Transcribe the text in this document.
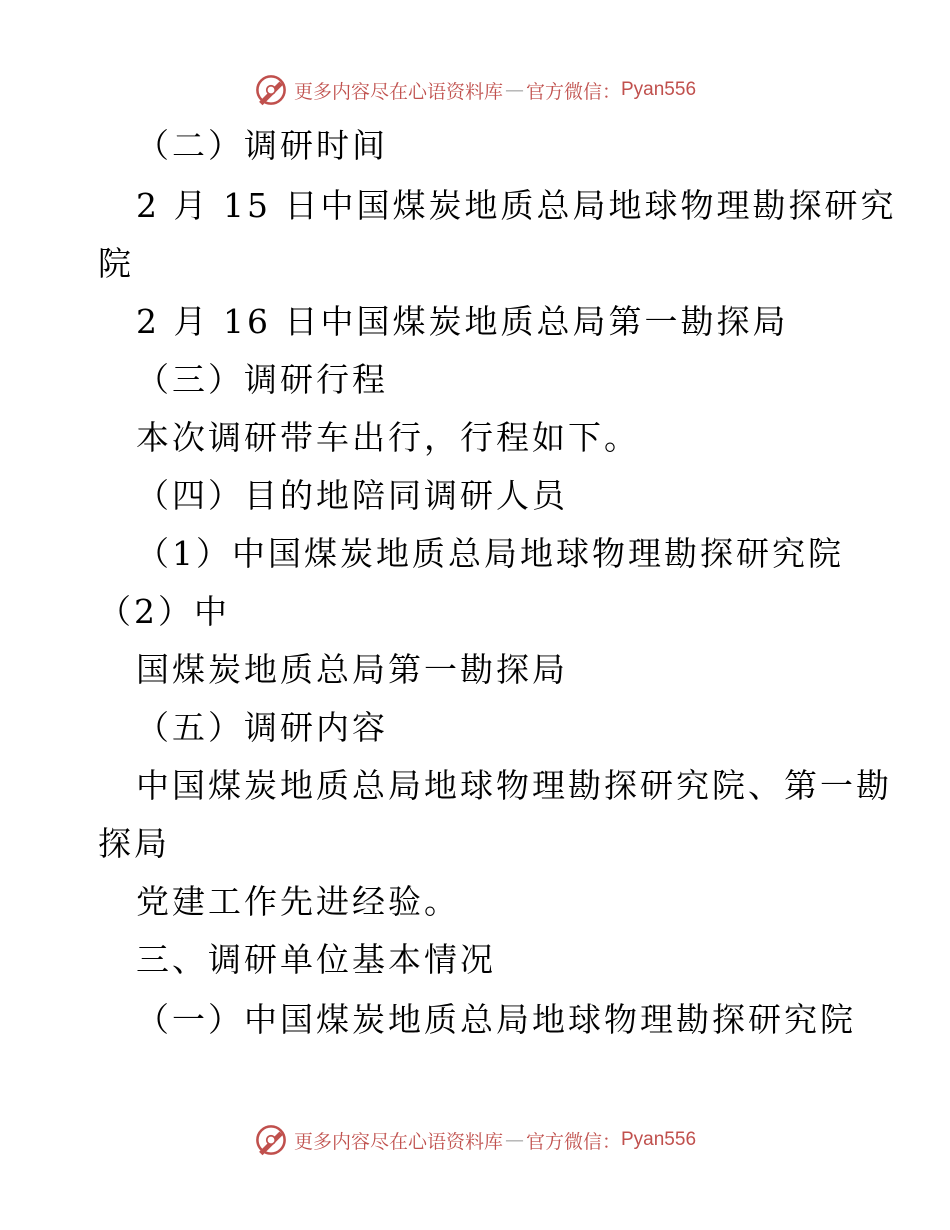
更多内容尽在心语资料库 — 官方微信： Pyan556
（二）调研时间
2 月 15 日中国煤炭地质总局地球物理勘探研究
院
2 月 16 日中国煤炭地质总局第一勘探局
（三）调研行程
本次调研带车出行，行程如下。
（四）目的地陪同调研人员
（1）中国煤炭地质总局地球物理勘探研究院
（2）中
国煤炭地质总局第一勘探局
（五）调研内容
中国煤炭地质总局地球物理勘探研究院、第一勘
探局
党建工作先进经验。
三、调研单位基本情况
（一）中国煤炭地质总局地球物理勘探研究院
更多内容尽在心语资料库 — 官方微信： Pyan556
